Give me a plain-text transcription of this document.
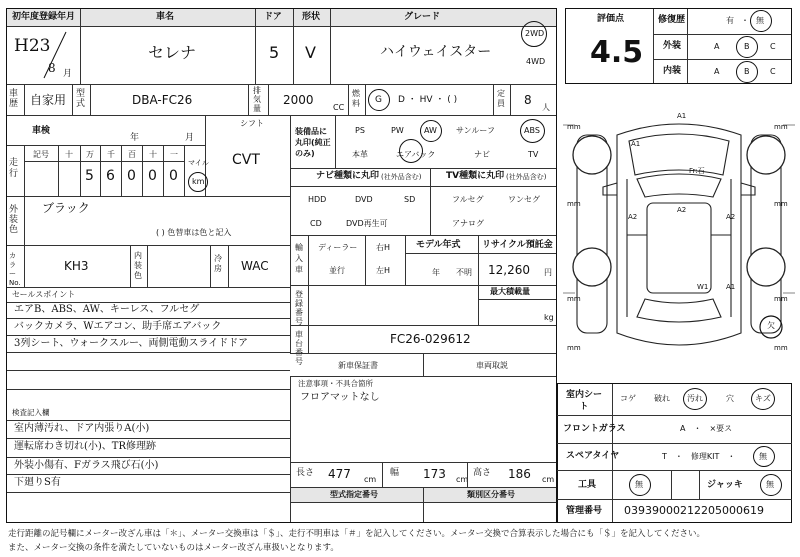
初年度登録年月	車名	ドア 形状	グレード
H23
8 月
セレナ	5 V	ハイウェイスター
2WD
4WD
車歴 自家用 型式	DBA-FC26
排気量
2000
CC
燃料 G D ・ HV ・ ( )
定員 8
人
車検
年	月
シフト
CVT
走行
記号 十 万 千 百 十 一
5 6 0 0 0
マイル
km
装備品に丸印(純正のみ)
PS	PW	AW サンルーフ	ABS
本革	エアバック	ナビ	TV
ナビ種類に丸印 (社外品含む)	TV種類に丸印 (社外品含む)
HDD	DVD	SD
CD	DVD再生可
フルセグ	ワンセグ
アナログ
外装色
ブラック
( ) 色替車は色と記入
カラーNo.
KH3
内装色
冷房 WAC
輸入車
ディーラー
並行
右H
左H
モデル年式
年　　不明
リサイクル預託金
12,260 円
セールスポイント
エアB、ABS、AW、キーレス、フルセグ
バックカメラ、Wエアコン、助手席エアバック
3列シート、ウォークスルー、両側電動スライドドア
登録番号
最大積載量
kg
車台番号
FC26-029612
新車保証書	車両取説
注意事項・不具合箇所
フロアマットなし
検査記入欄
室内薄汚れ、ドア内張りA(小)
運転席わき切れ(小)、TR修理跡
外装小傷有、Fガラス飛び石(小)
下廻りS有
長さ 477 cm
幅 173 cm
高さ 186 cm
型式指定番号	類別区分番号
評価点
4.5
修復歴	有 ・ 無
外装	A	B	C
内装	A	B	C
mm	mm
mm	mm
mm	mm
mm	mm
A1
A1
A2
A2
A2
W1	A1
Fr:石
欠
室内シート
コゲ 破れ 汚れ	穴	キズ
フロントガラス	A　・　×要ス
スペアタイヤ	T　・　修理KIT　・	無
工具	無	ジャッキ	無
管理番号 03939000212205000619
走行距離の記号欄にメーター改ざん車は「＊」、メーター交換車は「＄」、走行不明車は「＃」を記入してください。メーター交換で合算表示した場合にも「＄」を記入してください。
また、メーター交換の条件を満たしていないものはメーター改ざん車扱いとなります。
